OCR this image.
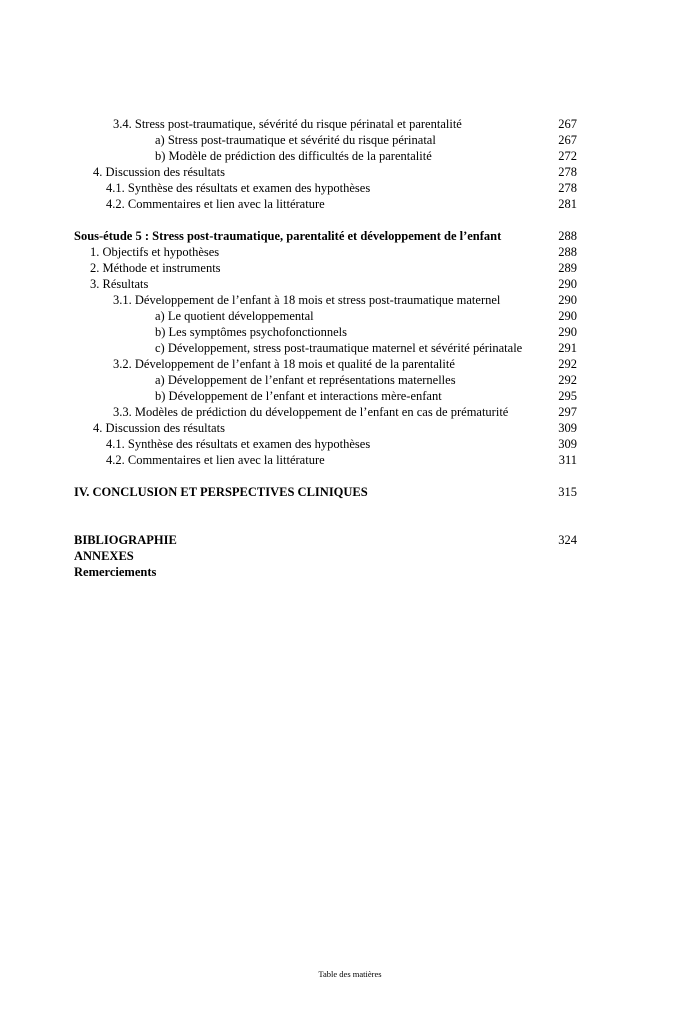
3.4. Stress post-traumatique, sévérité du risque périnatal et parentalité	267
a) Stress post-traumatique et sévérité du risque périnatal	267
b) Modèle de prédiction des difficultés de la parentalité	272
4. Discussion des résultats	278
4.1. Synthèse des résultats et examen des hypothèses	278
4.2. Commentaires et lien avec la littérature	281
Sous-étude 5 : Stress post-traumatique, parentalité et développement de l’enfant	288
1. Objectifs et hypothèses	288
2. Méthode et instruments	289
3. Résultats	290
3.1. Développement de l’enfant à 18 mois et stress post-traumatique maternel	290
a) Le quotient développemental	290
b) Les symptômes psychofonctionnels	290
c) Développement, stress post-traumatique maternel et sévérité périnatale	291
3.2. Développement de l’enfant à 18 mois et qualité de la parentalité	292
a) Développement de l’enfant et représentations maternelles	292
b) Développement de l’enfant et interactions mère-enfant	295
3.3. Modèles de prédiction du développement de l’enfant en cas de prématurité	297
4. Discussion des résultats	309
4.1. Synthèse des résultats et examen des hypothèses	309
4.2. Commentaires et lien avec la littérature	311
IV. CONCLUSION ET PERSPECTIVES CLINIQUES	315
BIBLIOGRAPHIE	324
ANNEXES
Remerciements
Table des matières
